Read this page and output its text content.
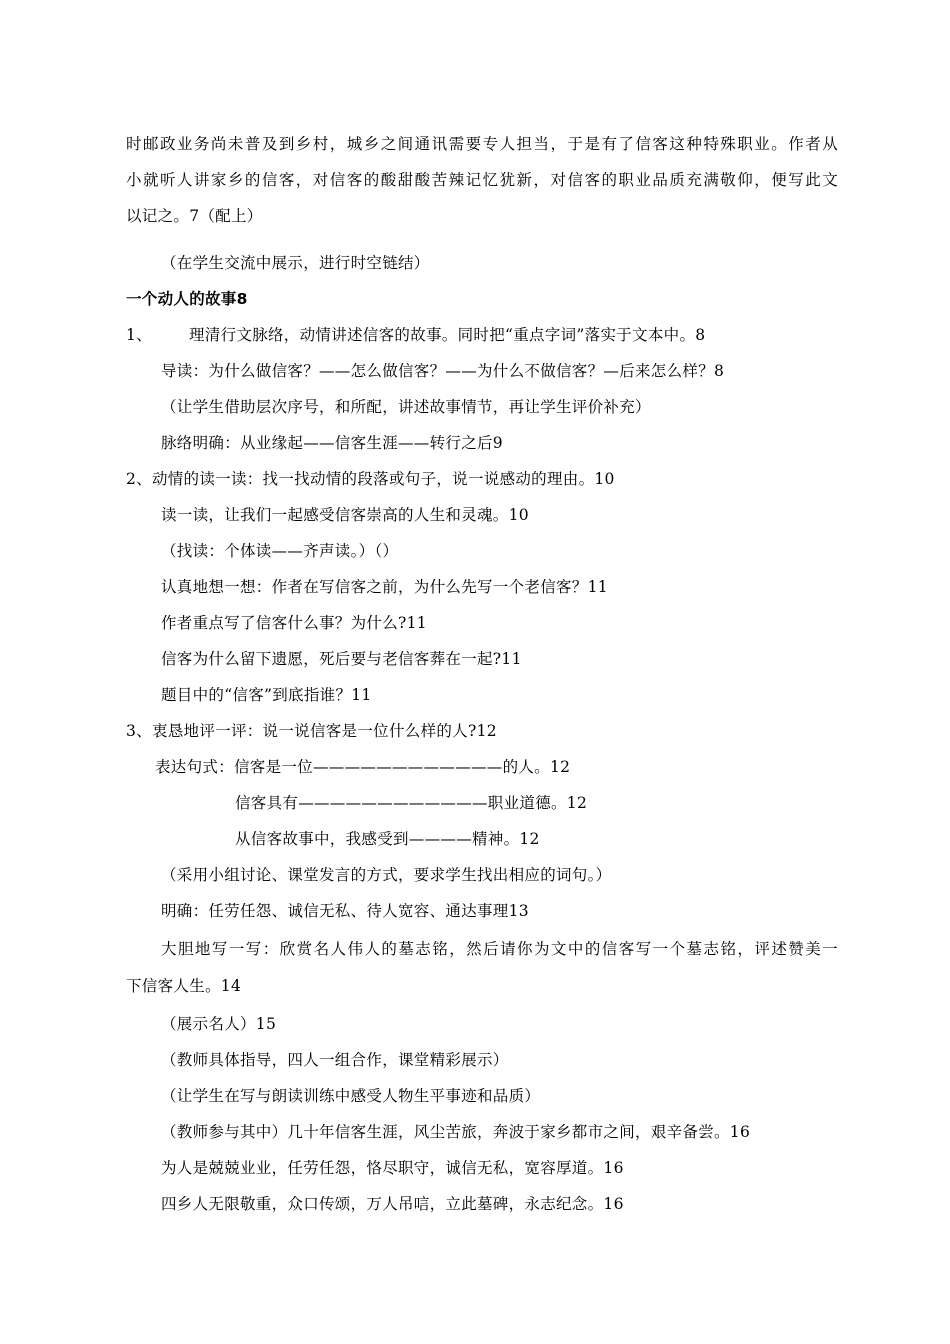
时邮政业务尚未普及到乡村，城乡之间通讯需要专人担当，于是有了信客这种特殊职业。作者从
小就听人讲家乡的信客，对信客的酸甜酸苦辣记忆犹新，对信客的职业品质充满敬仰，便写此文
以记之。7（配上）
（在学生交流中展示，进行时空链结）
一个动人的故事8
1、 理清行文脉络，动情讲述信客的故事。同时把“重点字词”落实于文本中。8
导读：为什么做信客？——怎么做信客？——为什么不做信客？—后来怎么样？8
（让学生借助层次序号，和所配，讲述故事情节，再让学生评价补充）
脉络明确：从业缘起——信客生涯——转行之后9
2、动情的读一读：找一找动情的段落或句子，说一说感动的理由。10
读一读，让我们一起感受信客崇高的人生和灵魂。10
（找读：个体读——齐声读。）（）
认真地想一想：作者在写信客之前，为什么先写一个老信客？11
作者重点写了信客什么事？为什么?11
信客为什么留下遗愿，死后要与老信客葬在一起?11
题目中的“信客”到底指谁？11
3、衷恳地评一评：说一说信客是一位什么样的人?12
表达句式：信客是一位————————————的人。12
信客具有————————————职业道德。12
从信客故事中，我感受到————精神。12
（采用小组讨论、课堂发言的方式，要求学生找出相应的词句。）
明确：任劳任怨、诚信无私、待人宽容、通达事理13
大胆地写一写：欣赏名人伟人的墓志铭，然后请你为文中的信客写一个墓志铭，评述赞美一
下信客人生。14
（展示名人）15
（教师具体指导，四人一组合作，课堂精彩展示）
（让学生在写与朗读训练中感受人物生平事迹和品质）
（教师参与其中）几十年信客生涯，风尘苦旅，奔波于家乡都市之间，艰辛备尝。16
为人是兢兢业业，任劳任怨，恪尽职守，诚信无私，宽容厚道。16
四乡人无限敬重，众口传颂，万人吊唁，立此墓碑，永志纪念。16
